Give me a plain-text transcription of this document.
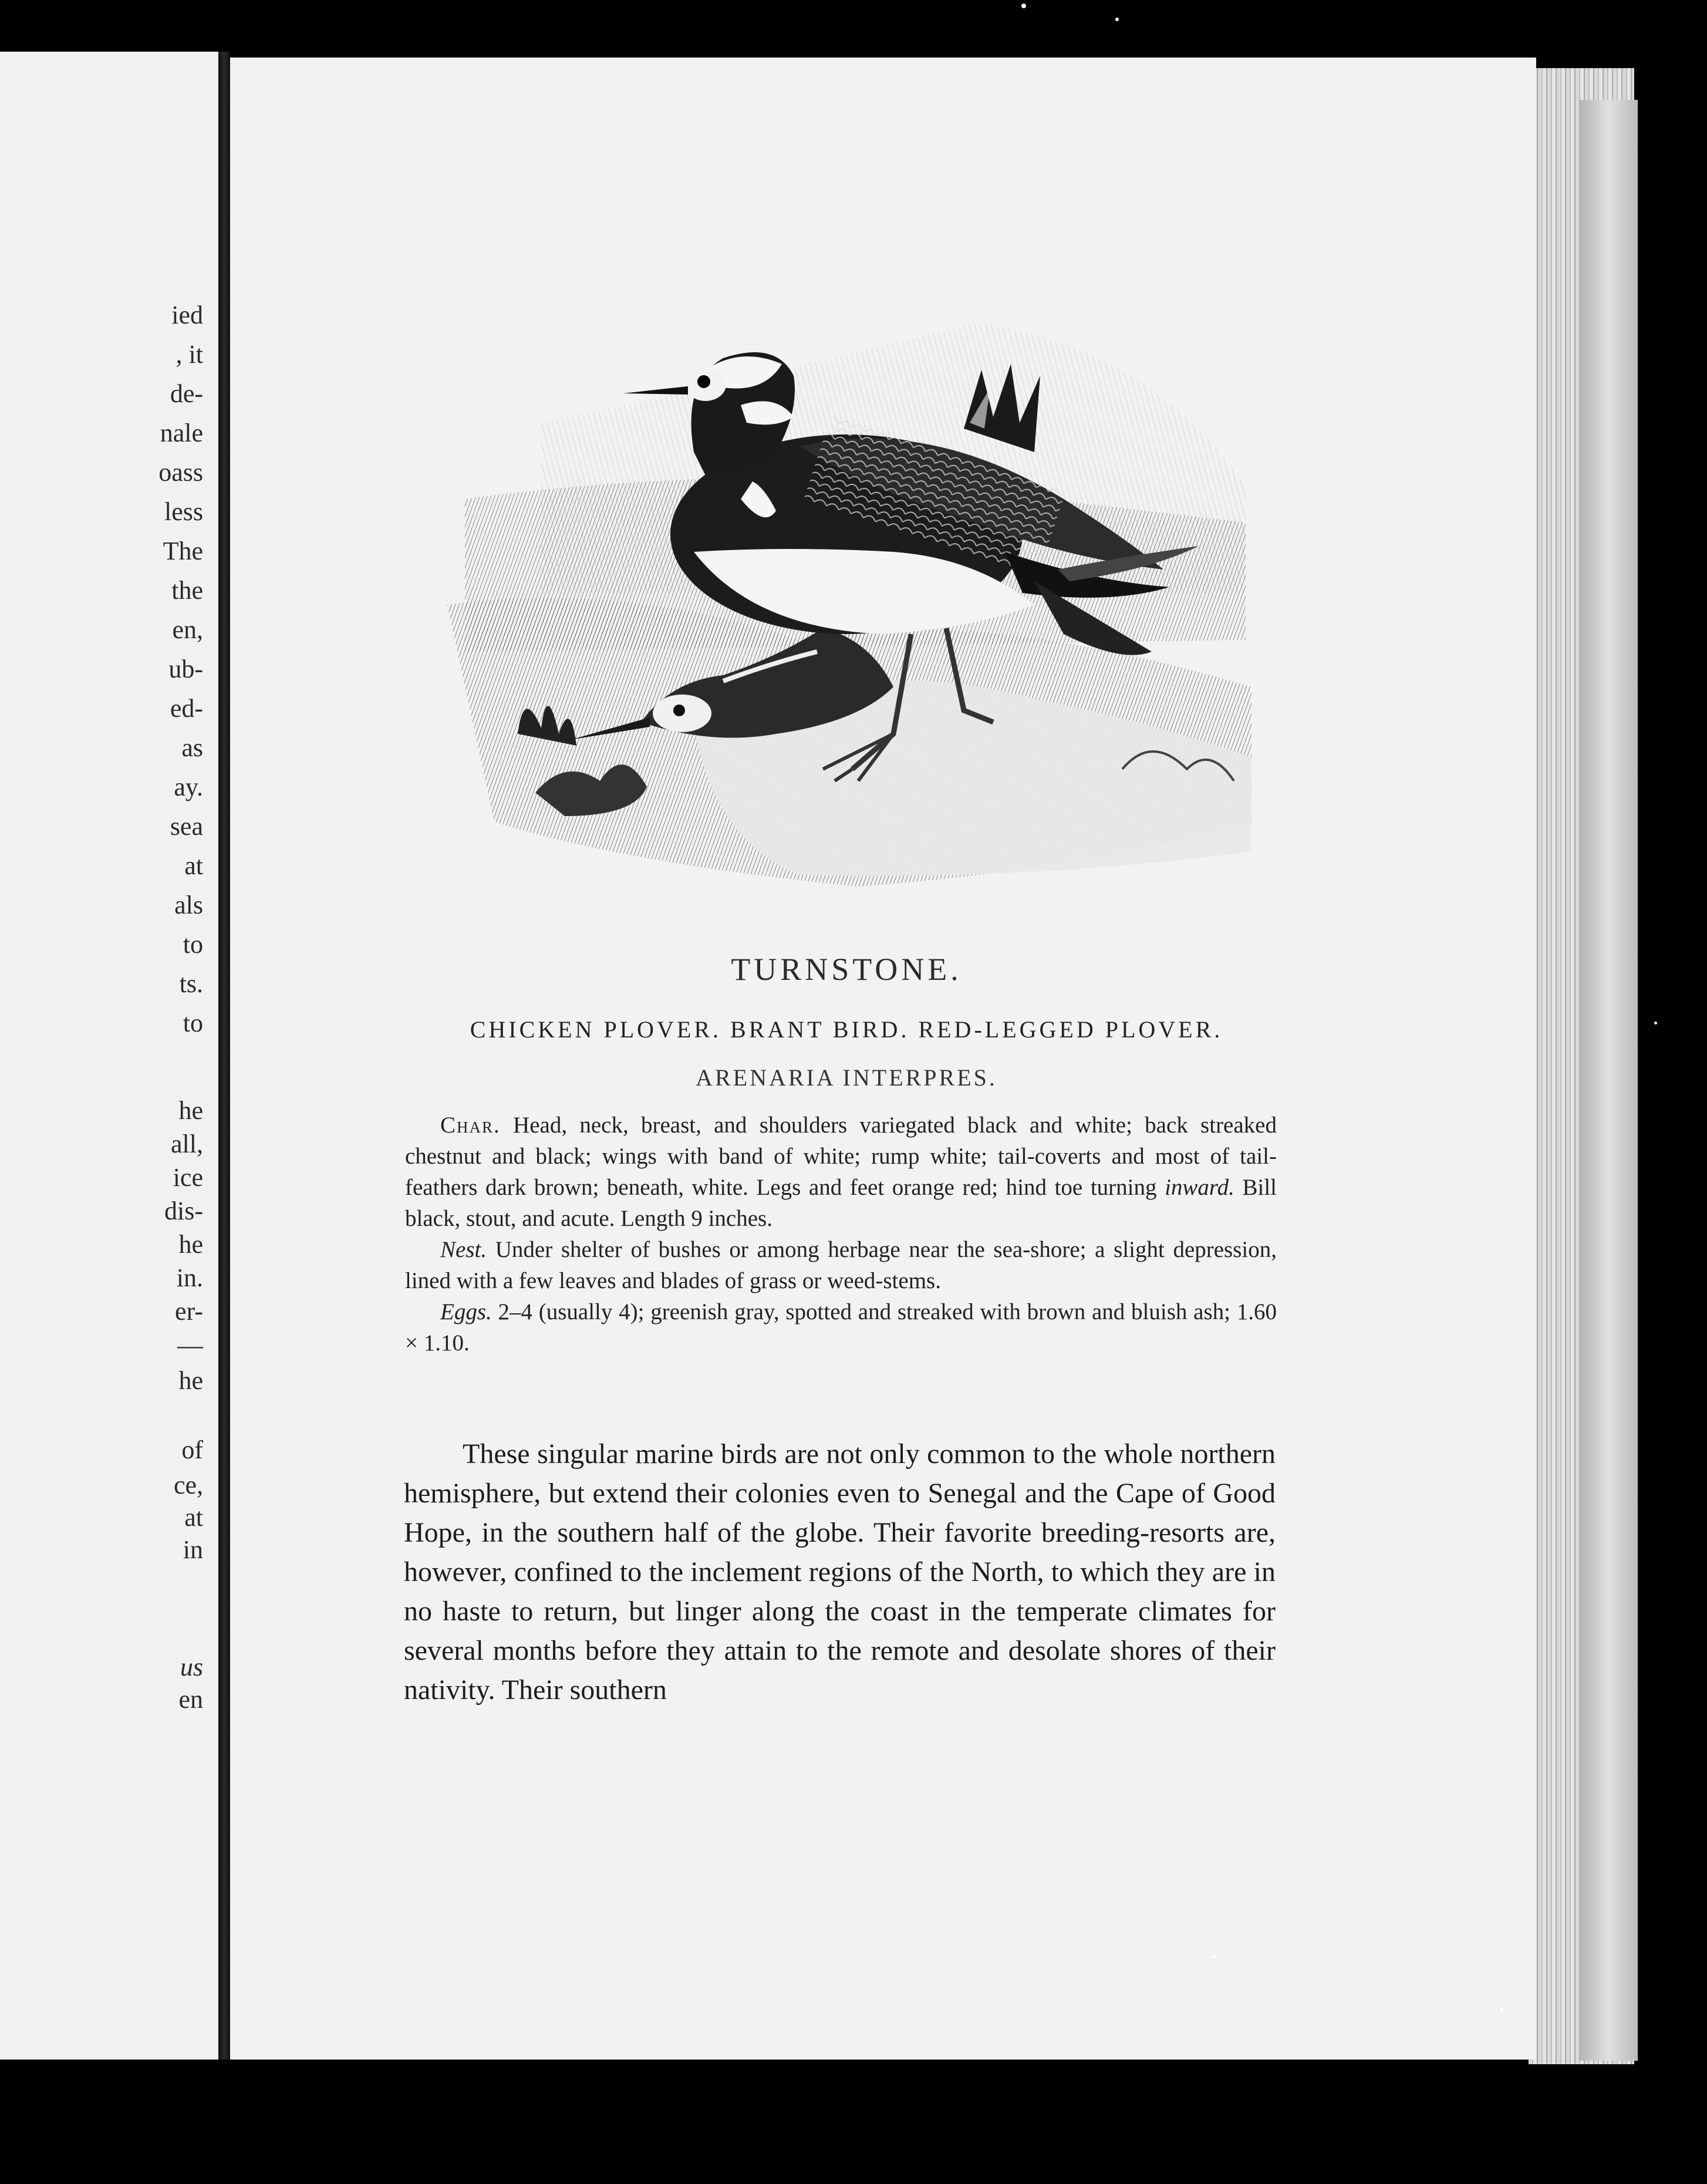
ied
, it
de-
nale
oass
less
The
the
en,
ub-
ed-
as
ay.
sea
at
als
to
ts.
to
he
all,
ice
dis-
he
in.
er-
—
he
of
ce,
at
in
us
en
TURNSTONE.
CHICKEN PLOVER. BRANT BIRD. RED-LEGGED PLOVER.
ARENARIA INTERPRES.

Char. Head, neck, breast, and shoulders variegated black and white; back streaked chestnut and black; wings with band of white; rump white; tail-coverts and most of tail-feathers dark brown; beneath, white. Legs and feet orange red; hind toe turning inward. Bill black, stout, and acute. Length 9 inches.

Nest. Under shelter of bushes or among herbage near the sea-shore; a slight depression, lined with a few leaves and blades of grass or weed-stems.

Eggs. 2–4 (usually 4); greenish gray, spotted and streaked with brown and bluish ash; 1.60 × 1.10.

These singular marine birds are not only common to the whole northern hemisphere, but extend their colonies even to Senegal and the Cape of Good Hope, in the southern half of the globe. Their favorite breeding-resorts are, however, confined to the inclement regions of the North, to which they are in no haste to return, but linger along the coast in the temperate climates for several months before they attain to the remote and desolate shores of their nativity. Their southern
